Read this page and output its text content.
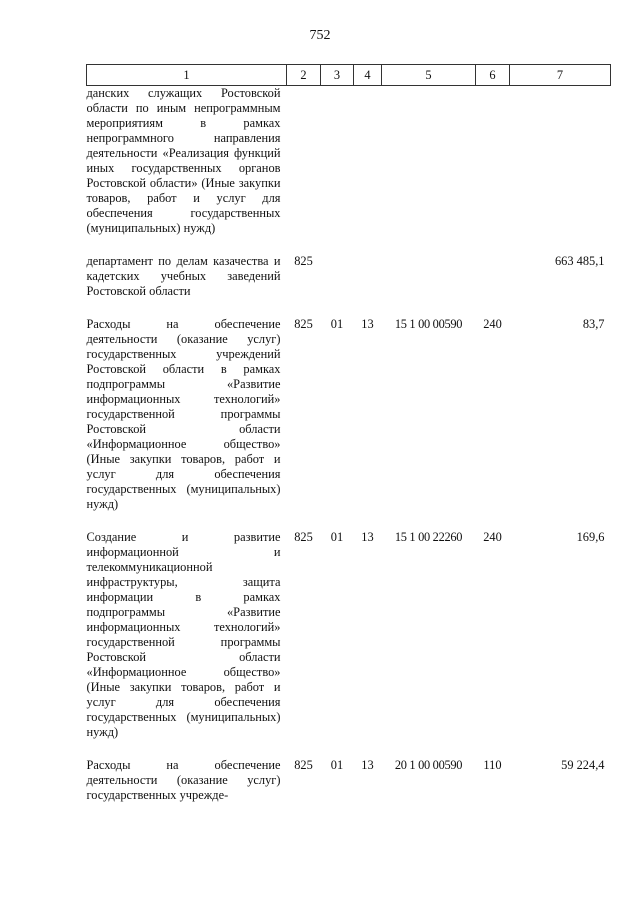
752
1	2	3	4	5	6	7
данских служащих Ростовской области по иным непрограммным мероприятиям в рамках непрограммного направления деятельности «Реализация функций иных государственных органов Ростовской области» (Иные закупки товаров, работ и услуг для обеспечения государственных (муниципальных) нужд)						
департамент по делам казачества и кадетских учебных заведений Ростовской области	825					663 485,1
Расходы на обеспечение деятельности (оказание услуг) государственных учреждений Ростовской области в рамках подпрограммы «Развитие информационных технологий» государственной программы Ростовской области «Информационное общество» (Иные закупки товаров, работ и услуг для обеспечения государственных (муниципальных) нужд)	825	01	13	15 1 00 00590	240	83,7
Создание и развитие информационной и телекоммуникационной инфраструктуры, защита информации в рамках подпрограммы «Развитие информационных технологий» государственной программы Ростовской области «Информационное общество» (Иные закупки товаров, работ и услуг для обеспечения государственных (муниципальных) нужд)	825	01	13	15 1 00 22260	240	169,6
Расходы на обеспечение деятельности (оказание услуг) государственных учрежде-	825	01	13	20 1 00 00590	110	59 224,4
